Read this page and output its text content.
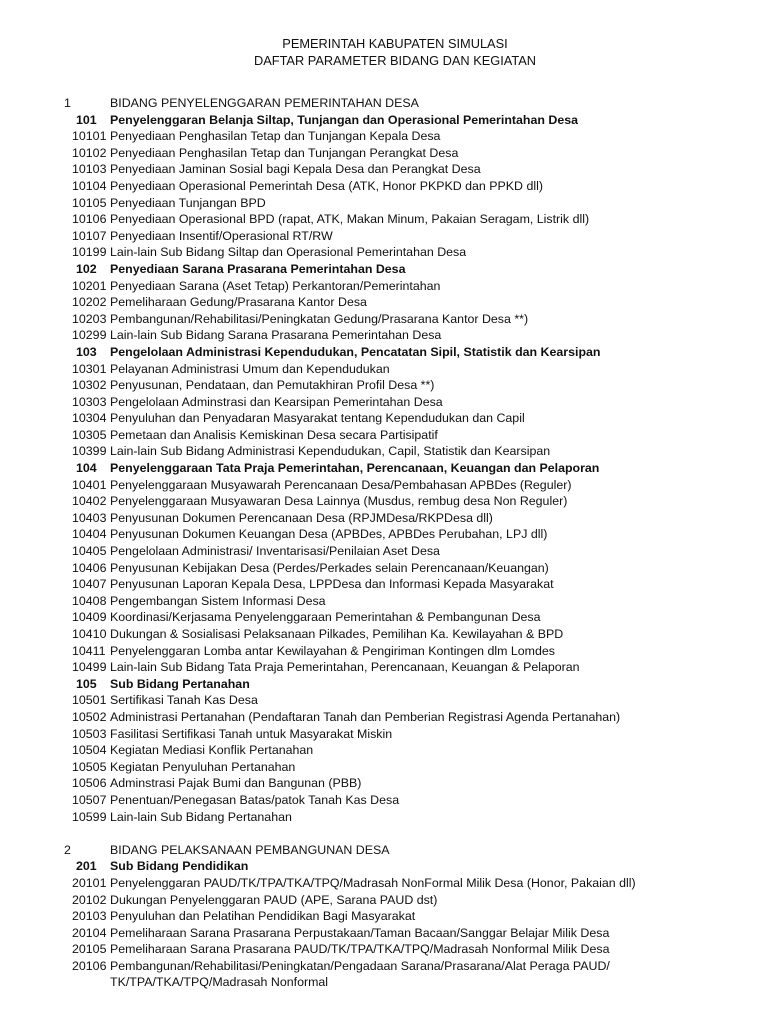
PEMERINTAH KABUPATEN SIMULASI
DAFTAR PARAMETER BIDANG DAN KEGIATAN
1	BIDANG PENYELENGGARAN PEMERINTAHAN DESA
101 Penyelenggaran Belanja Siltap, Tunjangan dan Operasional Pemerintahan Desa
10101 Penyediaan Penghasilan Tetap dan Tunjangan Kepala Desa
10102 Penyediaan Penghasilan Tetap dan Tunjangan Perangkat Desa
10103 Penyediaan Jaminan Sosial bagi Kepala Desa dan Perangkat Desa
10104 Penyediaan Operasional Pemerintah Desa (ATK, Honor PKPKD dan PPKD dll)
10105 Penyediaan Tunjangan BPD
10106 Penyediaan Operasional BPD (rapat, ATK, Makan Minum, Pakaian Seragam, Listrik dll)
10107 Penyediaan Insentif/Operasional RT/RW
10199 Lain-lain Sub Bidang Siltap dan Operasional Pemerintahan Desa
102 Penyediaan Sarana Prasarana Pemerintahan Desa
10201 Penyediaan Sarana (Aset Tetap) Perkantoran/Pemerintahan
10202 Pemeliharaan Gedung/Prasarana Kantor Desa
10203 Pembangunan/Rehabilitasi/Peningkatan Gedung/Prasarana Kantor Desa **)
10299 Lain-lain Sub Bidang Sarana Prasarana Pemerintahan Desa
103 Pengelolaan Administrasi Kependudukan, Pencatatan Sipil, Statistik dan Kearsipan
10301 Pelayanan Administrasi Umum dan Kependudukan
10302 Penyusunan, Pendataan, dan Pemutakhiran Profil Desa **)
10303 Pengelolaan Adminstrasi dan Kearsipan Pemerintahan Desa
10304 Penyuluhan dan Penyadaran Masyarakat tentang Kependudukan dan Capil
10305 Pemetaan dan Analisis Kemiskinan Desa secara Partisipatif
10399 Lain-lain Sub Bidang Administrasi Kependudukan, Capil, Statistik dan Kearsipan
104 Penyelenggaraan Tata Praja Pemerintahan, Perencanaan, Keuangan dan Pelaporan
10401 Penyelenggaraan Musyawarah Perencanaan Desa/Pembahasan APBDes (Reguler)
10402 Penyelenggaraan Musyawaran Desa Lainnya (Musdus, rembug desa Non Reguler)
10403 Penyusunan Dokumen Perencanaan Desa (RPJMDesa/RKPDesa dll)
10404 Penyusunan Dokumen Keuangan Desa (APBDes, APBDes Perubahan, LPJ dll)
10405 Pengelolaan Administrasi/ Inventarisasi/Penilaian Aset Desa
10406 Penyusunan Kebijakan Desa (Perdes/Perkades selain Perencanaan/Keuangan)
10407 Penyusunan Laporan Kepala Desa, LPPDesa dan Informasi Kepada Masyarakat
10408 Pengembangan Sistem Informasi Desa
10409 Koordinasi/Kerjasama Penyelenggaraan Pemerintahan & Pembangunan Desa
10410 Dukungan & Sosialisasi Pelaksanaan Pilkades, Pemilihan Ka. Kewilayahan & BPD
10411 Penyelenggaran Lomba antar Kewilayahan & Pengiriman Kontingen dlm Lomdes
10499 Lain-lain Sub Bidang Tata Praja Pemerintahan, Perencanaan, Keuangan & Pelaporan
105 Sub Bidang Pertanahan
10501 Sertifikasi Tanah Kas Desa
10502 Administrasi Pertanahan (Pendaftaran Tanah dan Pemberian Registrasi Agenda Pertanahan)
10503 Fasilitasi Sertifikasi Tanah untuk Masyarakat Miskin
10504 Kegiatan Mediasi Konflik Pertanahan
10505 Kegiatan Penyuluhan Pertanahan
10506 Adminstrasi Pajak Bumi dan Bangunan (PBB)
10507 Penentuan/Penegasan Batas/patok Tanah Kas Desa
10599 Lain-lain Sub Bidang Pertanahan
2	BIDANG PELAKSANAAN PEMBANGUNAN DESA
201 Sub Bidang Pendidikan
20101 Penyelenggaran PAUD/TK/TPA/TKA/TPQ/Madrasah NonFormal Milik Desa (Honor, Pakaian dll)
20102 Dukungan Penyelenggaran PAUD (APE, Sarana PAUD dst)
20103 Penyuluhan dan Pelatihan Pendidikan Bagi Masyarakat
20104 Pemeliharaan Sarana Prasarana Perpustakaan/Taman Bacaan/Sanggar Belajar Milik Desa
20105 Pemeliharaan Sarana Prasarana PAUD/TK/TPA/TKA/TPQ/Madrasah Nonformal Milik Desa
20106 Pembangunan/Rehabilitasi/Peningkatan/Pengadaan Sarana/Prasarana/Alat Peraga PAUD/ TK/TPA/TKA/TPQ/Madrasah Nonformal
